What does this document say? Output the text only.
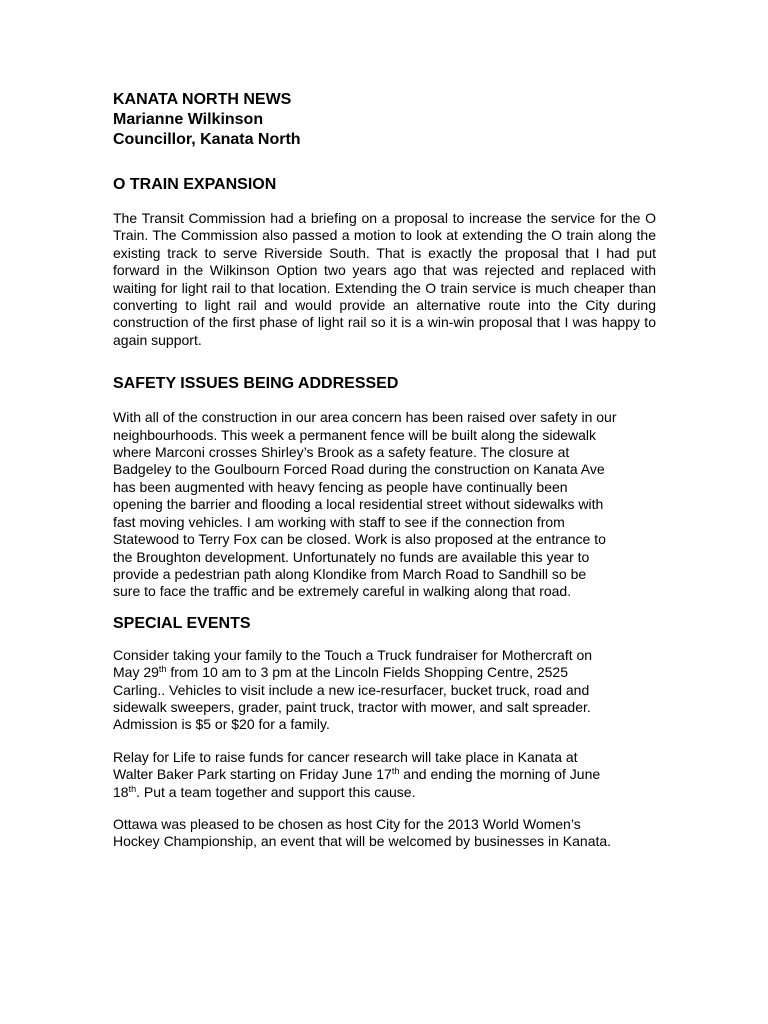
KANATA NORTH NEWS
Marianne Wilkinson
Councillor, Kanata North
O TRAIN EXPANSION

The Transit Commission had a briefing on a proposal to increase the service for the O Train. The Commission also passed a motion to look at extending the O train along the existing track to serve Riverside South. That is exactly the proposal that I had put forward in the Wilkinson Option two years ago that was rejected and replaced with waiting for light rail to that location. Extending the O train service is much cheaper than converting to light rail and would provide an alternative route into the City during construction of the first phase of light rail so it is a win-win proposal that I was happy to again support.

SAFETY ISSUES BEING ADDRESSED

With all of the construction in our area concern has been raised over safety in our
neighbourhoods. This week a permanent fence will be built along the sidewalk
where Marconi crosses Shirley’s Brook as a safety feature. The closure at
Badgeley to the Goulbourn Forced Road during the construction on Kanata Ave
has been augmented with heavy fencing as people have continually been
opening the barrier and flooding a local residential street without sidewalks with
fast moving vehicles. I am working with staff to see if the connection from
Statewood to Terry Fox can be closed. Work is also proposed at the entrance to
the Broughton development. Unfortunately no funds are available this year to
provide a pedestrian path along Klondike from March Road to Sandhill so be
sure to face the traffic and be extremely careful in walking along that road.

SPECIAL EVENTS

Consider taking your family to the Touch a Truck fundraiser for Mothercraft on
May 29th from 10 am to 3 pm at the Lincoln Fields Shopping Centre, 2525
Carling.. Vehicles to visit include a new ice-resurfacer, bucket truck, road and
sidewalk sweepers, grader, paint truck, tractor with mower, and salt spreader.
Admission is $5 or $20 for a family.

Relay for Life to raise funds for cancer research will take place in Kanata at
Walter Baker Park starting on Friday June 17th and ending the morning of June
18th. Put a team together and support this cause.

Ottawa was pleased to be chosen as host City for the 2013 World Women’s
Hockey Championship, an event that will be welcomed by businesses in Kanata.
